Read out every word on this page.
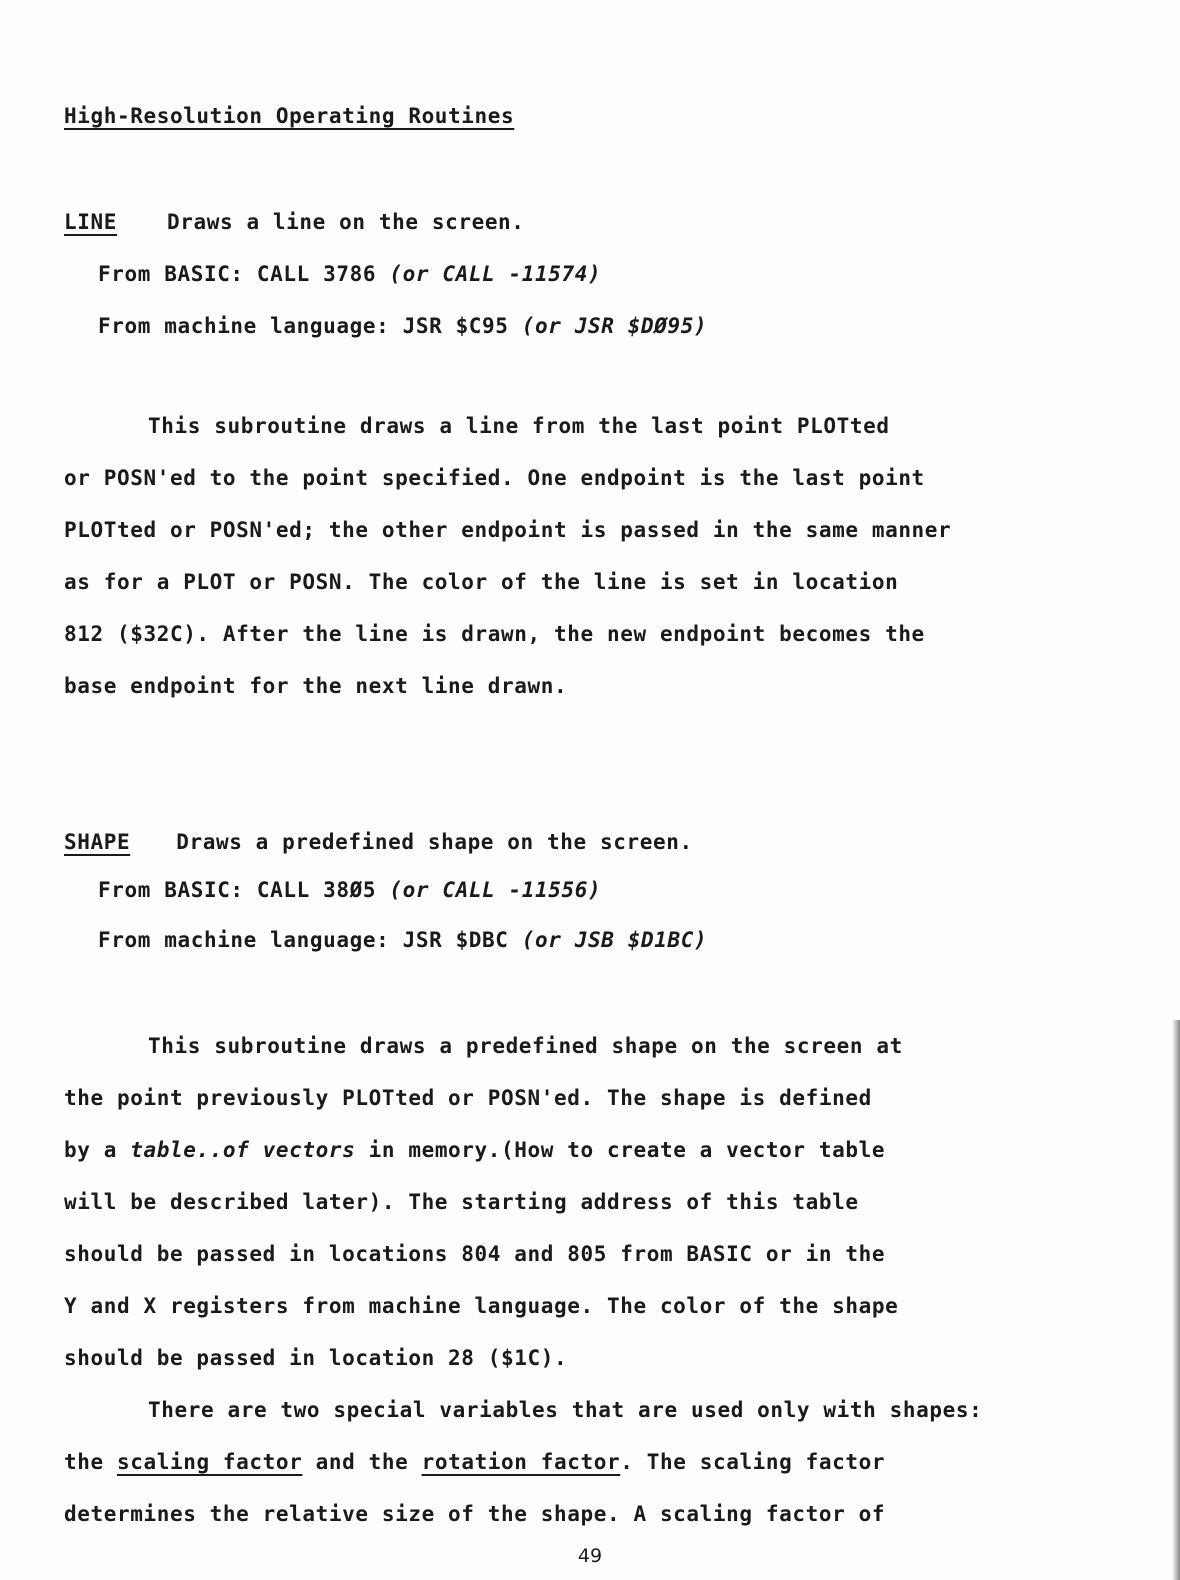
High-Resolution Operating Routines
LINE Draws a line on the screen.
From BASIC: CALL 3786 (or CALL -11574)
From machine language: JSR $C95 (or JSR $DØ95)
This subroutine draws a line from the last point PLOTted
or POSN'ed to the point specified. One endpoint is the last point
PLOTted or POSN'ed; the other endpoint is passed in the same manner
as for a PLOT or POSN. The color of the line is set in location
812 ($32C). After the line is drawn, the new endpoint becomes the
base endpoint for the next line drawn.
SHAPE Draws a predefined shape on the screen.
From BASIC: CALL 38Ø5 (or CALL -11556)
From machine language: JSR $DBC (or JSB $D1BC)
This subroutine draws a predefined shape on the screen at
the point previously PLOTted or POSN'ed. The shape is defined
by a table..of vectors in memory.(How to create a vector table
will be described later). The starting address of this table
should be passed in locations 804 and 805 from BASIC or in the
Y and X registers from machine language. The color of the shape
should be passed in location 28 ($1C).
There are two special variables that are used only with shapes:
the scaling factor and the rotation factor. The scaling factor
determines the relative size of the shape. A scaling factor of
49
